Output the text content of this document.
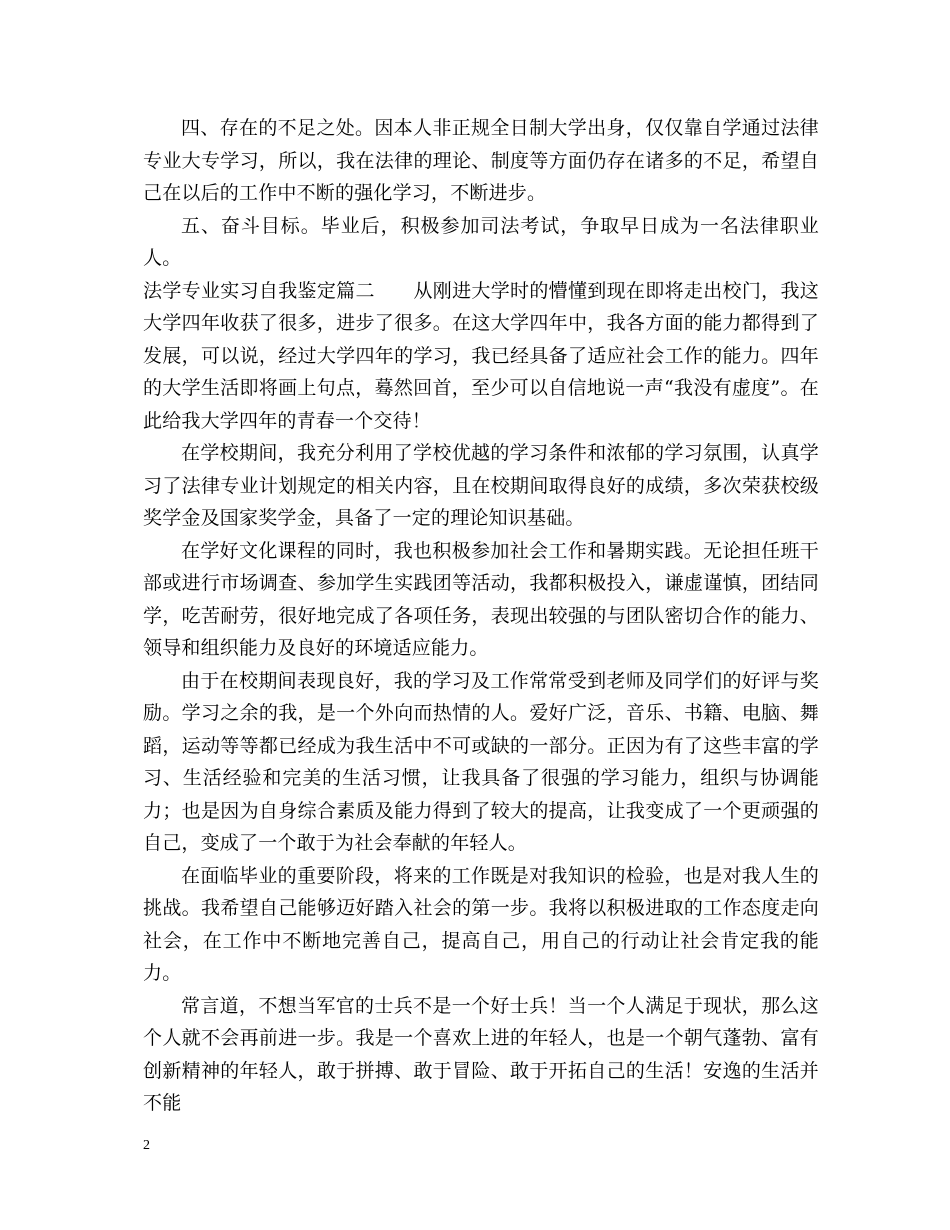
四、存在的不足之处。因本人非正规全日制大学出身，仅仅靠自学通过法律专业大专学习，所以，我在法律的理论、制度等方面仍存在诸多的不足，希望自己在以后的工作中不断的强化学习，不断进步。

五、奋斗目标。毕业后，积极参加司法考试，争取早日成为一名法律职业人。

法学专业实习自我鉴定篇二　　从刚进大学时的懵懂到现在即将走出校门，我这大学四年收获了很多，进步了很多。在这大学四年中，我各方面的能力都得到了发展，可以说，经过大学四年的学习，我已经具备了适应社会工作的能力。四年的大学生活即将画上句点，蓦然回首，至少可以自信地说一声“我没有虚度”。在此给我大学四年的青春一个交待！

在学校期间，我充分利用了学校优越的学习条件和浓郁的学习氛围，认真学习了法律专业计划规定的相关内容，且在校期间取得良好的成绩，多次荣获校级奖学金及国家奖学金，具备了一定的理论知识基础。

在学好文化课程的同时，我也积极参加社会工作和暑期实践。无论担任班干部或进行市场调查、参加学生实践团等活动，我都积极投入，谦虚谨慎，团结同学，吃苦耐劳，很好地完成了各项任务，表现出较强的与团队密切合作的能力、领导和组织能力及良好的环境适应能力。

由于在校期间表现良好，我的学习及工作常常受到老师及同学们的好评与奖励。学习之余的我，是一个外向而热情的人。爱好广泛，音乐、书籍、电脑、舞蹈，运动等等都已经成为我生活中不可或缺的一部分。正因为有了这些丰富的学习、生活经验和完美的生活习惯，让我具备了很强的学习能力，组织与协调能力；也是因为自身综合素质及能力得到了较大的提高，让我变成了一个更顽强的自己，变成了一个敢于为社会奉献的年轻人。

在面临毕业的重要阶段，将来的工作既是对我知识的检验，也是对我人生的挑战。我希望自己能够迈好踏入社会的第一步。我将以积极进取的工作态度走向社会，在工作中不断地完善自己，提高自己，用自己的行动让社会肯定我的能力。

常言道，不想当军官的士兵不是一个好士兵！当一个人满足于现状，那么这个人就不会再前进一步。我是一个喜欢上进的年轻人，也是一个朝气蓬勃、富有创新精神的年轻人，敢于拼搏、敢于冒险、敢于开拓自己的生活！安逸的生活并不能

2
